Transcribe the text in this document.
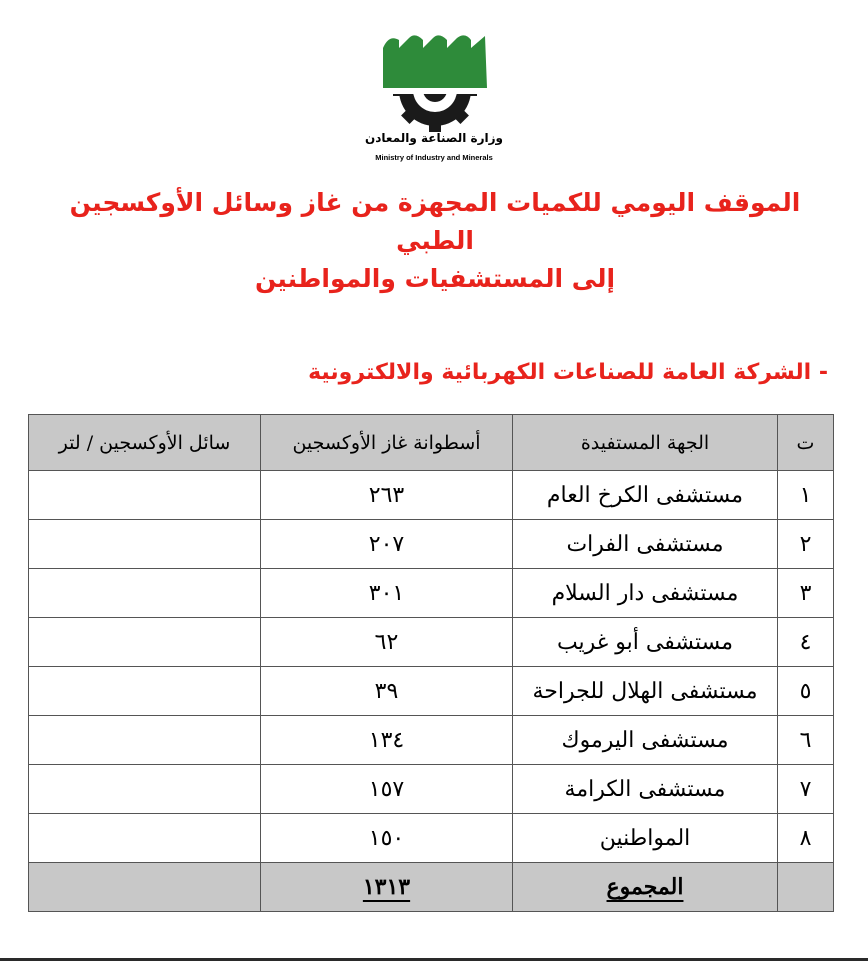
وزارة الصناعة والمعادن
Ministry of Industry and Minerals
الموقف اليومي للكميات المجهزة من غاز وسائل الأوكسجين الطبي
إلى المستشفيات والمواطنين
- الشركة العامة للصناعات الكهربائية والالكترونية
ت	الجهة المستفيدة	أسطوانة غاز الأوكسجين	سائل الأوكسجين / لتر
١	مستشفى الكرخ العام	٢٦٣	
٢	مستشفى الفرات	٢٠٧	
٣	مستشفى دار السلام	٣٠١	
٤	مستشفى أبو غريب	٦٢	
٥	مستشفى الهلال للجراحة	٣٩	
٦	مستشفى اليرموك	١٣٤	
٧	مستشفى الكرامة	١٥٧	
٨	المواطنين	١٥٠	
	المجموع	١٣١٣	
